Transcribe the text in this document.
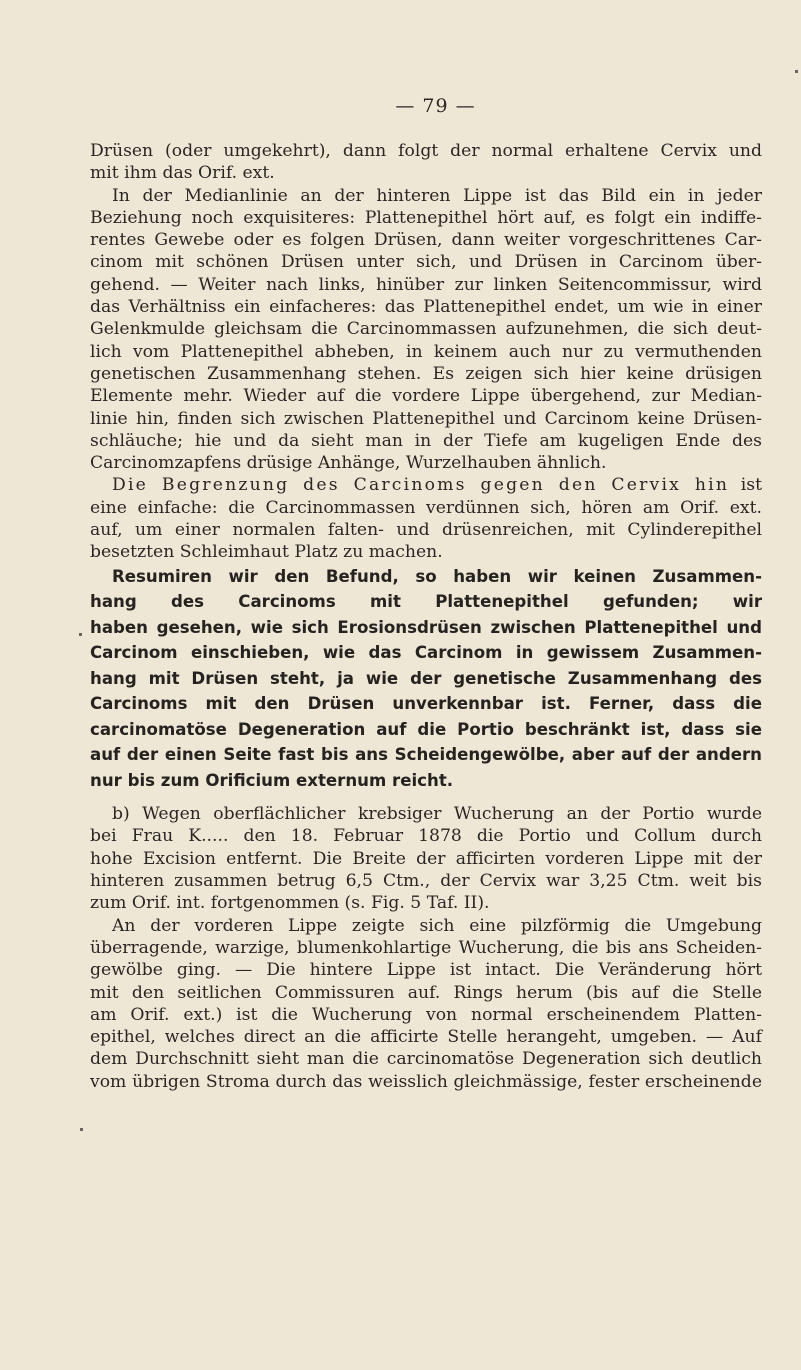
— 79 —

Drüsen (oder umgekehrt), dann folgt der normal erhaltene Cervix und
mit ihm das Orif. ext.

In der Medianlinie an der hinteren Lippe ist das Bild ein in jeder
Beziehung noch exquisiteres: Plattenepithel hört auf, es folgt ein indiffe-
rentes Gewebe oder es folgen Drüsen, dann weiter vorgeschrittenes Car-
cinom mit schönen Drüsen unter sich, und Drüsen in Carcinom über-
gehend. — Weiter nach links, hinüber zur linken Seitencommissur, wird
das Verhältniss ein einfacheres: das Plattenepithel endet, um wie in einer
Gelenkmulde gleichsam die Carcinommassen aufzunehmen, die sich deut-
lich vom Plattenepithel abheben, in keinem auch nur zu vermuthenden
genetischen Zusammenhang stehen. Es zeigen sich hier keine drüsigen
Elemente mehr. Wieder auf die vordere Lippe übergehend, zur Median-
linie hin, finden sich zwischen Plattenepithel und Carcinom keine Drüsen-
schläuche; hie und da sieht man in der Tiefe am kugeligen Ende des
Carcinomzapfens drüsige Anhänge, Wurzelhauben ähnlich.

Die Begrenzung des Carcinoms gegen den Cervix hin ist
eine einfache: die Carcinommassen verdünnen sich, hören am Orif. ext.
auf, um einer normalen falten- und drüsenreichen, mit Cylinderepithel
besetzten Schleimhaut Platz zu machen.

Resumiren wir den Befund, so haben wir keinen Zusammen-
hang des Carcinoms mit Plattenepithel gefunden; wir
haben gesehen, wie sich Erosionsdrüsen zwischen Plattenepithel und
Carcinom einschieben, wie das Carcinom in gewissem Zusammen-
hang mit Drüsen steht, ja wie der genetische Zusammenhang des
Carcinoms mit den Drüsen unverkennbar ist. Ferner, dass die
carcinomatöse Degeneration auf die Portio beschränkt ist, dass sie
auf der einen Seite fast bis ans Scheidengewölbe, aber auf der andern
nur bis zum Orificium externum reicht.

b) Wegen oberflächlicher krebsiger Wucherung an der Portio wurde
bei Frau K..... den 18. Februar 1878 die Portio und Collum durch
hohe Excision entfernt. Die Breite der afficirten vorderen Lippe mit der
hinteren zusammen betrug 6,5 Ctm., der Cervix war 3,25 Ctm. weit bis
zum Orif. int. fortgenommen (s. Fig. 5 Taf. II).

An der vorderen Lippe zeigte sich eine pilzförmig die Umgebung
überragende, warzige, blumenkohlartige Wucherung, die bis ans Scheiden-
gewölbe ging. — Die hintere Lippe ist intact. Die Veränderung hört
mit den seitlichen Commissuren auf. Rings herum (bis auf die Stelle
am Orif. ext.) ist die Wucherung von normal erscheinendem Platten-
epithel, welches direct an die afficirte Stelle herangeht, umgeben. — Auf
dem Durchschnitt sieht man die carcinomatöse Degeneration sich deutlich
vom übrigen Stroma durch das weisslich gleichmässige, fester erscheinende
